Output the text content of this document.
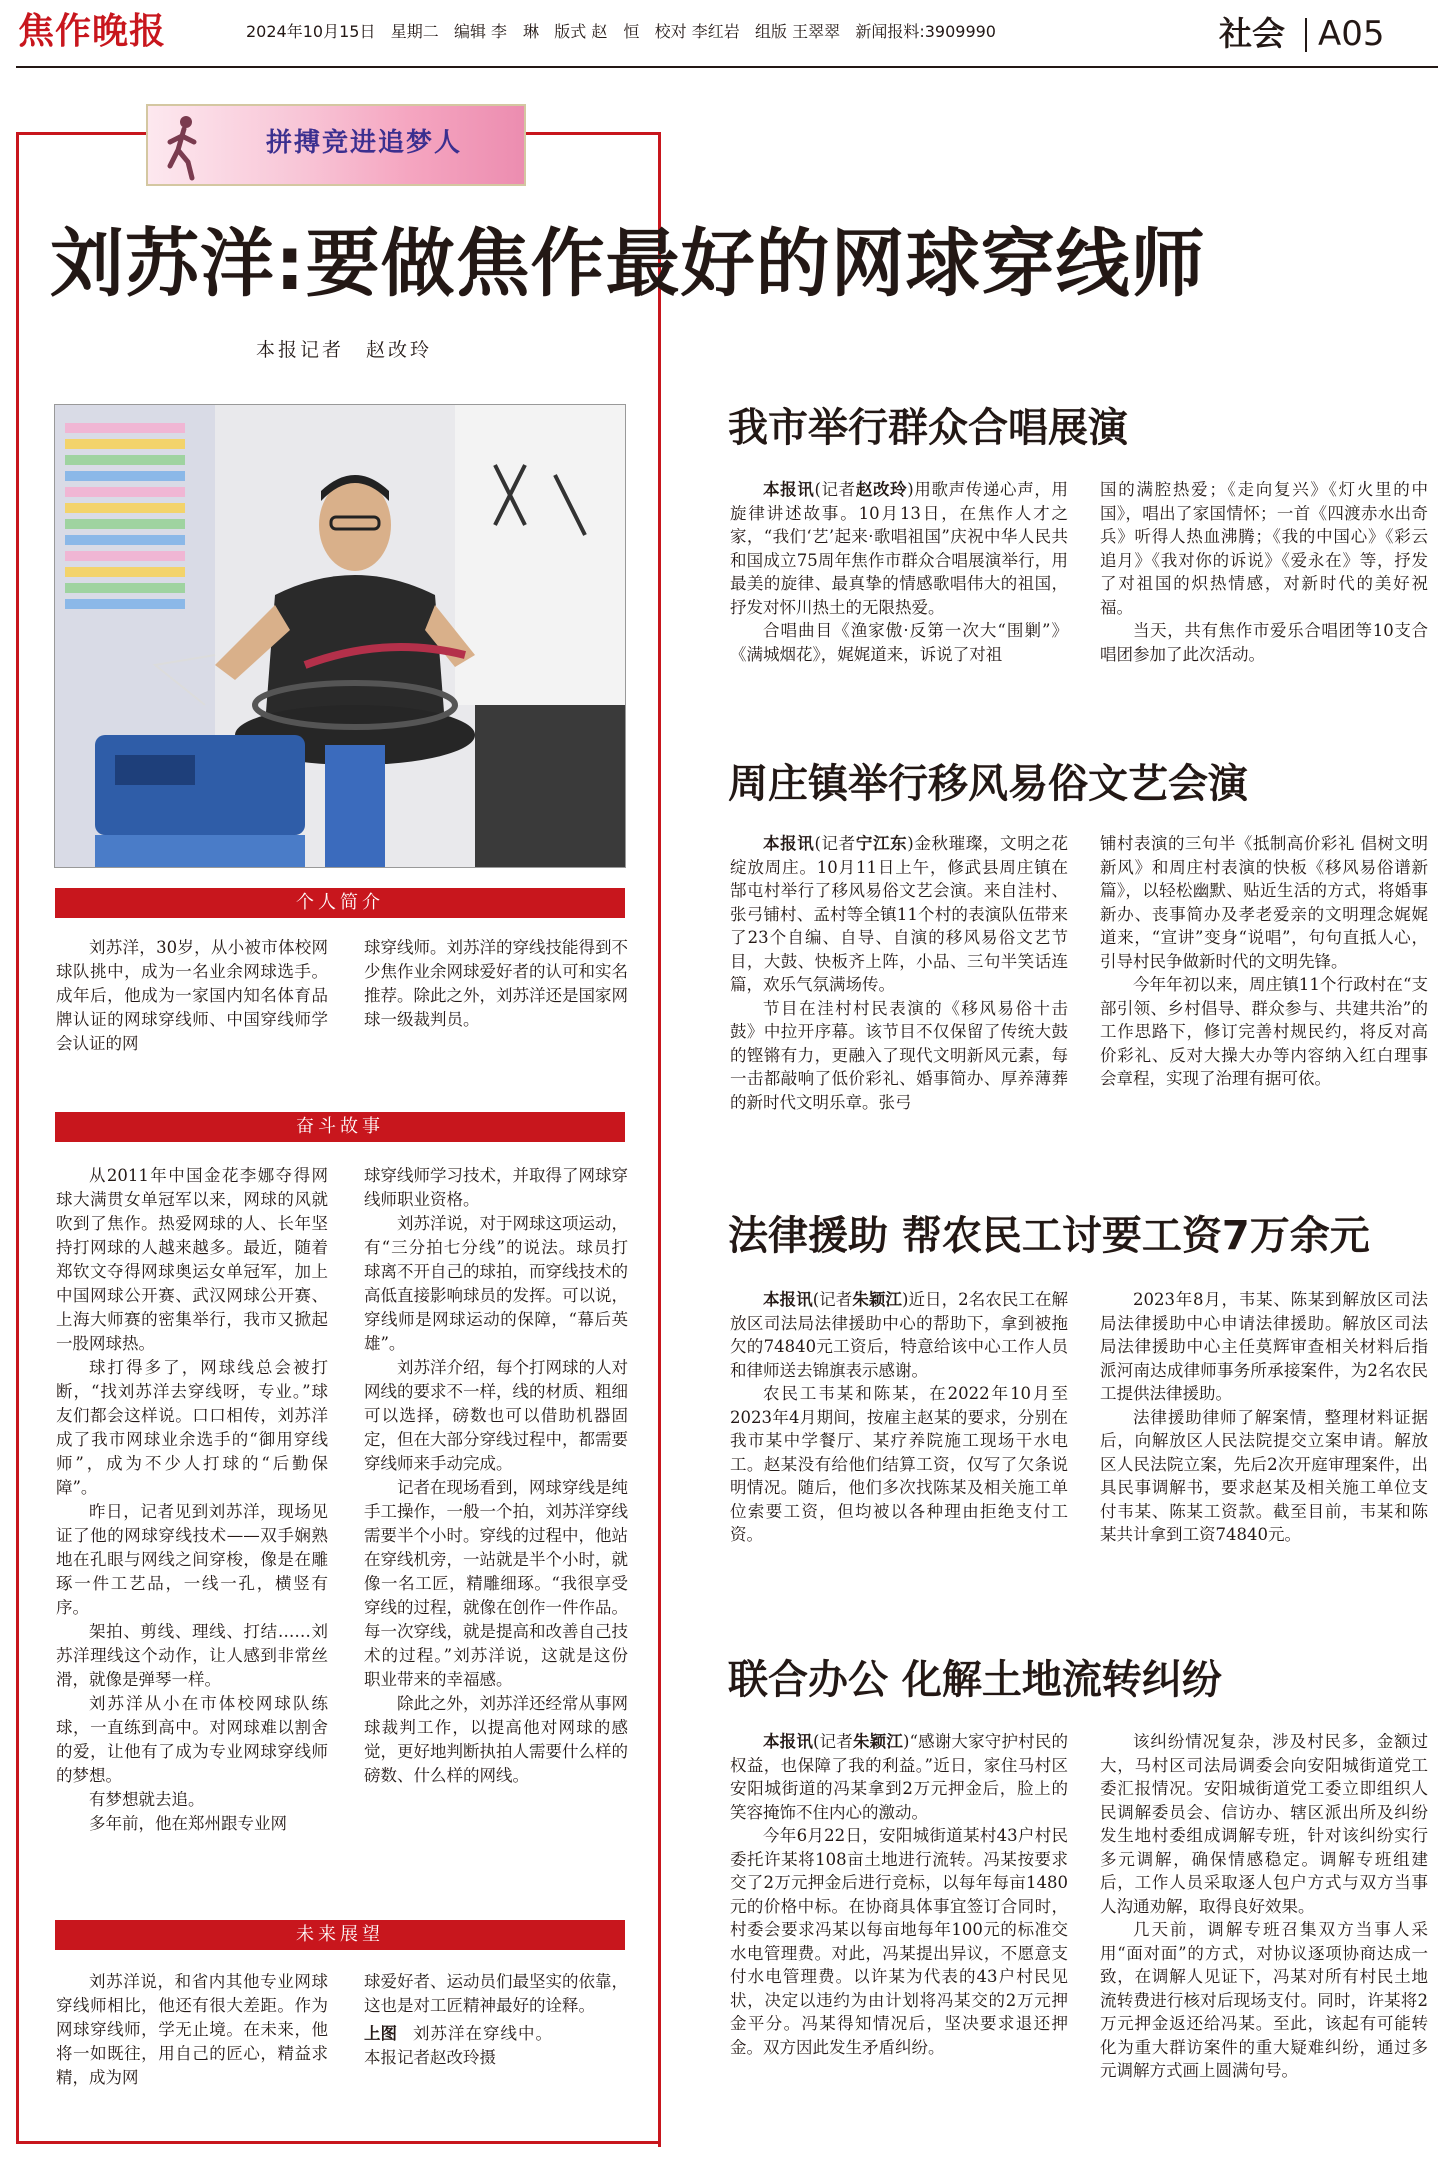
焦作晚报	2024年10月15日   星期二   编辑 李　琳   版式 赵　恒   校对 李红岩   组版 王翠翠   新闻报料:3909990	社会 A05
拼搏竞进追梦人
刘苏洋:要做焦作最好的网球穿线师
本报记者　赵改玲
个人简介

刘苏洋，30岁，从小被市体校网球队挑中，成为一名业余网球选手。成年后，他成为一家国内知名体育品牌认证的网球穿线师、中国穿线师学会认证的网

球穿线师。刘苏洋的穿线技能得到不少焦作业余网球爱好者的认可和实名推荐。除此之外，刘苏洋还是国家网球一级裁判员。

奋斗故事

从2011年中国金花李娜夺得网球大满贯女单冠军以来，网球的风就吹到了焦作。热爱网球的人、长年坚持打网球的人越来越多。最近，随着郑钦文夺得网球奥运女单冠军，加上中国网球公开赛、武汉网球公开赛、上海大师赛的密集举行，我市又掀起一股网球热。

球打得多了，网球线总会被打断，“找刘苏洋去穿线呀，专业。”球友们都会这样说。口口相传，刘苏洋成了我市网球业余选手的“御用穿线师”，成为不少人打球的“后勤保障”。

昨日，记者见到刘苏洋，现场见证了他的网球穿线技术——双手娴熟地在孔眼与网线之间穿梭，像是在雕琢一件工艺品，一线一孔，横竖有序。

架拍、剪线、理线、打结……刘苏洋理线这个动作，让人感到非常丝滑，就像是弹琴一样。

刘苏洋从小在市体校网球队练球，一直练到高中。对网球难以割舍的爱，让他有了成为专业网球穿线师的梦想。

有梦想就去追。

多年前，他在郑州跟专业网

球穿线师学习技术，并取得了网球穿线师职业资格。

刘苏洋说，对于网球这项运动，有“三分拍七分线”的说法。球员打球离不开自己的球拍，而穿线技术的高低直接影响球员的发挥。可以说，穿线师是网球运动的保障，“幕后英雄”。

刘苏洋介绍，每个打网球的人对网线的要求不一样，线的材质、粗细可以选择，磅数也可以借助机器固定，但在大部分穿线过程中，都需要穿线师来手动完成。

记者在现场看到，网球穿线是纯手工操作，一般一个拍，刘苏洋穿线需要半个小时。穿线的过程中，他站在穿线机旁，一站就是半个小时，就像一名工匠，精雕细琢。“我很享受穿线的过程，就像在创作一件作品。每一次穿线，就是提高和改善自己技术的过程。”刘苏洋说，这就是这份职业带来的幸福感。

除此之外，刘苏洋还经常从事网球裁判工作，以提高他对网球的感觉，更好地判断执拍人需要什么样的磅数、什么样的网线。

未来展望

刘苏洋说，和省内其他专业网球穿线师相比，他还有很大差距。作为网球穿线师，学无止境。在未来，他将一如既往，用自己的匠心，精益求精，成为网

球爱好者、运动员们最坚实的依靠，这也是对工匠精神最好的诠释。

上图 刘苏洋在穿线中。

本报记者赵改玲摄

我市举行群众合唱展演

本报讯(记者赵改玲)用歌声传递心声，用旋律讲述故事。10月13日，在焦作人才之家，“我们‘艺’起来·歌唱祖国”庆祝中华人民共和国成立75周年焦作市群众合唱展演举行，用最美的旋律、最真挚的情感歌唱伟大的祖国，抒发对怀川热土的无限热爱。

合唱曲目《渔家傲·反第一次大“围剿”》《满城烟花》，娓娓道来，诉说了对祖

国的满腔热爱；《走向复兴》《灯火里的中国》，唱出了家国情怀；一首《四渡赤水出奇兵》听得人热血沸腾；《我的中国心》《彩云追月》《我对你的诉说》《爱永在》等，抒发了对祖国的炽热情感，对新时代的美好祝福。

当天，共有焦作市爱乐合唱团等10支合唱团参加了此次活动。

周庄镇举行移风易俗文艺会演

本报讯(记者宁江东)金秋璀璨，文明之花绽放周庄。10月11日上午，修武县周庄镇在郜屯村举行了移风易俗文艺会演。来自洼村、张弓铺村、孟村等全镇11个村的表演队伍带来了23个自编、自导、自演的移风易俗文艺节目，大鼓、快板齐上阵，小品、三句半笑话连篇，欢乐气氛满场传。

节目在洼村村民表演的《移风易俗十击鼓》中拉开序幕。该节目不仅保留了传统大鼓的铿锵有力，更融入了现代文明新风元素，每一击都敲响了低价彩礼、婚事简办、厚养薄葬的新时代文明乐章。张弓

铺村表演的三句半《抵制高价彩礼 倡树文明新风》和周庄村表演的快板《移风易俗谱新篇》，以轻松幽默、贴近生活的方式，将婚事新办、丧事简办及孝老爱亲的文明理念娓娓道来，“宣讲”变身“说唱”，句句直抵人心，引导村民争做新时代的文明先锋。

今年年初以来，周庄镇11个行政村在“支部引领、乡村倡导、群众参与、共建共治”的工作思路下，修订完善村规民约，将反对高价彩礼、反对大操大办等内容纳入红白理事会章程，实现了治理有据可依。

法律援助 帮农民工讨要工资7万余元

本报讯(记者朱颖江)近日，2名农民工在解放区司法局法律援助中心的帮助下，拿到被拖欠的74840元工资后，特意给该中心工作人员和律师送去锦旗表示感谢。

农民工韦某和陈某，在2022年10月至2023年4月期间，按雇主赵某的要求，分别在我市某中学餐厅、某疗养院施工现场干水电工。赵某没有给他们结算工资，仅写了欠条说明情况。随后，他们多次找陈某及相关施工单位索要工资，但均被以各种理由拒绝支付工资。

2023年8月，韦某、陈某到解放区司法局法律援助中心申请法律援助。解放区司法局法律援助中心主任莫辉审查相关材料后指派河南达成律师事务所承接案件，为2名农民工提供法律援助。

法律援助律师了解案情，整理材料证据后，向解放区人民法院提交立案申请。解放区人民法院立案，先后2次开庭审理案件，出具民事调解书，要求赵某及相关施工单位支付韦某、陈某工资款。截至目前，韦某和陈某共计拿到工资74840元。

联合办公 化解土地流转纠纷

本报讯(记者朱颖江)“感谢大家守护村民的权益，也保障了我的利益。”近日，家住马村区安阳城街道的冯某拿到2万元押金后，脸上的笑容掩饰不住内心的激动。

今年6月22日，安阳城街道某村43户村民委托许某将108亩土地进行流转。冯某按要求交了2万元押金后进行竞标，以每年每亩1480元的价格中标。在协商具体事宜签订合同时，村委会要求冯某以每亩地每年100元的标准交水电管理费。对此，冯某提出异议，不愿意支付水电管理费。以许某为代表的43户村民见状，决定以违约为由计划将冯某交的2万元押金平分。冯某得知情况后，坚决要求退还押金。双方因此发生矛盾纠纷。

该纠纷情况复杂，涉及村民多，金额过大，马村区司法局调委会向安阳城街道党工委汇报情况。安阳城街道党工委立即组织人民调解委员会、信访办、辖区派出所及纠纷发生地村委组成调解专班，针对该纠纷实行多元调解，确保情感稳定。调解专班组建后，工作人员采取逐人包户方式与双方当事人沟通劝解，取得良好效果。

几天前，调解专班召集双方当事人采用“面对面”的方式，对协议逐项协商达成一致，在调解人见证下，冯某对所有村民土地流转费进行核对后现场支付。同时，许某将2万元押金返还给冯某。至此，该起有可能转化为重大群访案件的重大疑难纠纷，通过多元调解方式画上圆满句号。
